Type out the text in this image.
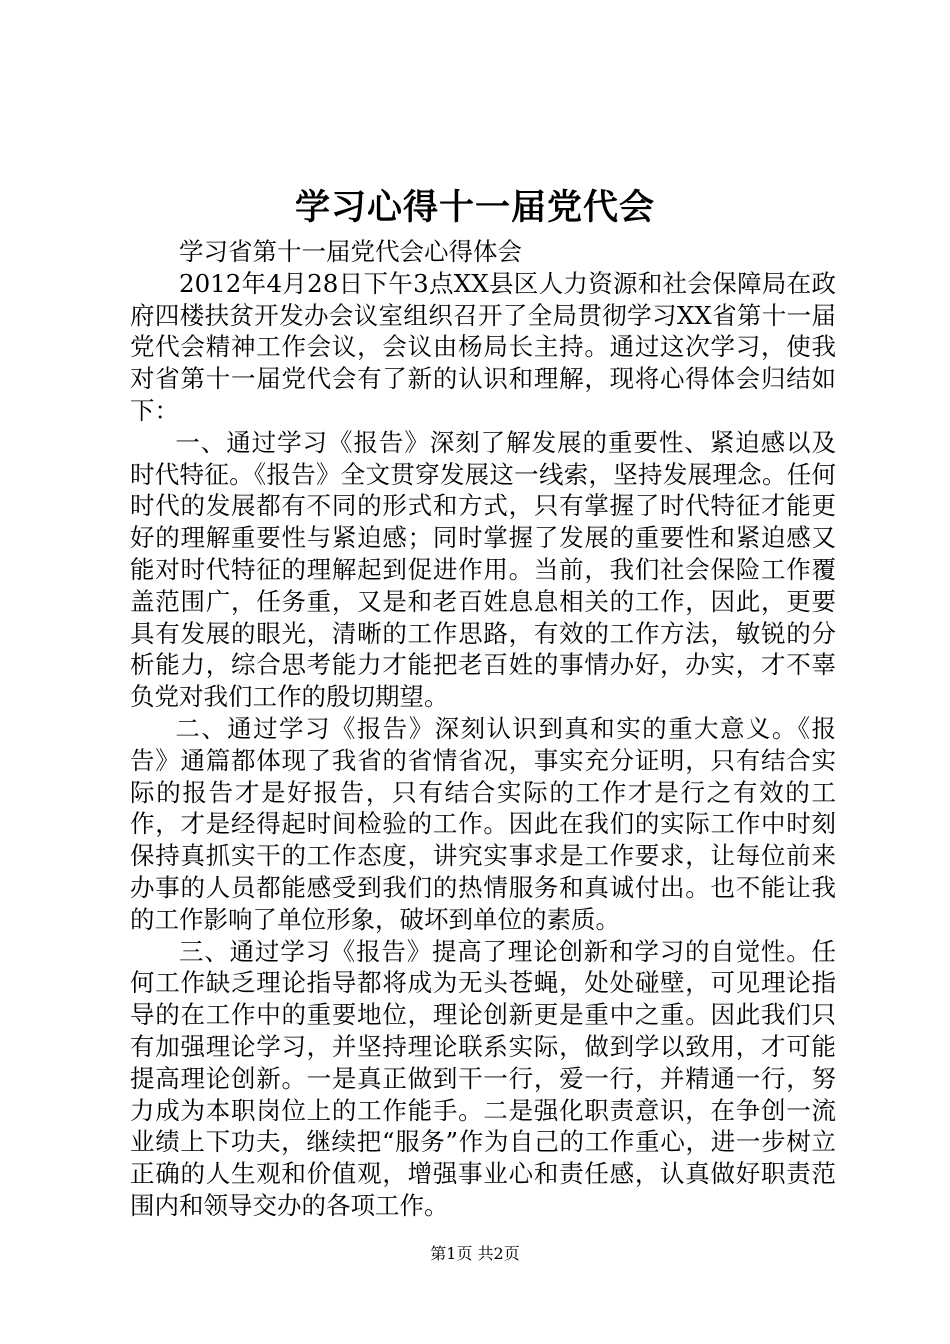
学习心得十一届党代会

学习省第十一届党代会心得体会

2012年4月28日下午3点XX县区人力资源和社会保障局在政府四楼扶贫开发办会议室组织召开了全局贯彻学习XX省第十一届党代会精神工作会议，会议由杨局长主持。通过这次学习，使我对省第十一届党代会有了新的认识和理解，现将心得体会归结如下：

一、通过学习《报告》深刻了解发展的重要性、紧迫感以及时代特征。《报告》全文贯穿发展这一线索，坚持发展理念。任何时代的发展都有不同的形式和方式，只有掌握了时代特征才能更好的理解重要性与紧迫感；同时掌握了发展的重要性和紧迫感又能对时代特征的理解起到促进作用。当前，我们社会保险工作覆盖范围广，任务重，又是和老百姓息息相关的工作，因此，更要具有发展的眼光，清晰的工作思路，有效的工作方法，敏锐的分析能力，综合思考能力才能把老百姓的事情办好，办实，才不辜负党对我们工作的殷切期望。

二、通过学习《报告》深刻认识到真和实的重大意义。《报告》通篇都体现了我省的省情省况，事实充分证明，只有结合实际的报告才是好报告，只有结合实际的工作才是行之有效的工作，才是经得起时间检验的工作。因此在我们的实际工作中时刻保持真抓实干的工作态度，讲究实事求是工作要求，让每位前来办事的人员都能感受到我们的热情服务和真诚付出。也不能让我的工作影响了单位形象，破坏到单位的素质。

三、通过学习《报告》提高了理论创新和学习的自觉性。任何工作缺乏理论指导都将成为无头苍蝇，处处碰壁，可见理论指导的在工作中的重要地位，理论创新更是重中之重。因此我们只有加强理论学习，并坚持理论联系实际，做到学以致用，才可能提高理论创新。一是真正做到干一行，爱一行，并精通一行，努力成为本职岗位上的工作能手。二是强化职责意识，在争创一流业绩上下功夫，继续把“服务”作为自己的工作重心，进一步树立正确的人生观和价值观，增强事业心和责任感，认真做好职责范围内和领导交办的各项工作。

第1页 共2页
